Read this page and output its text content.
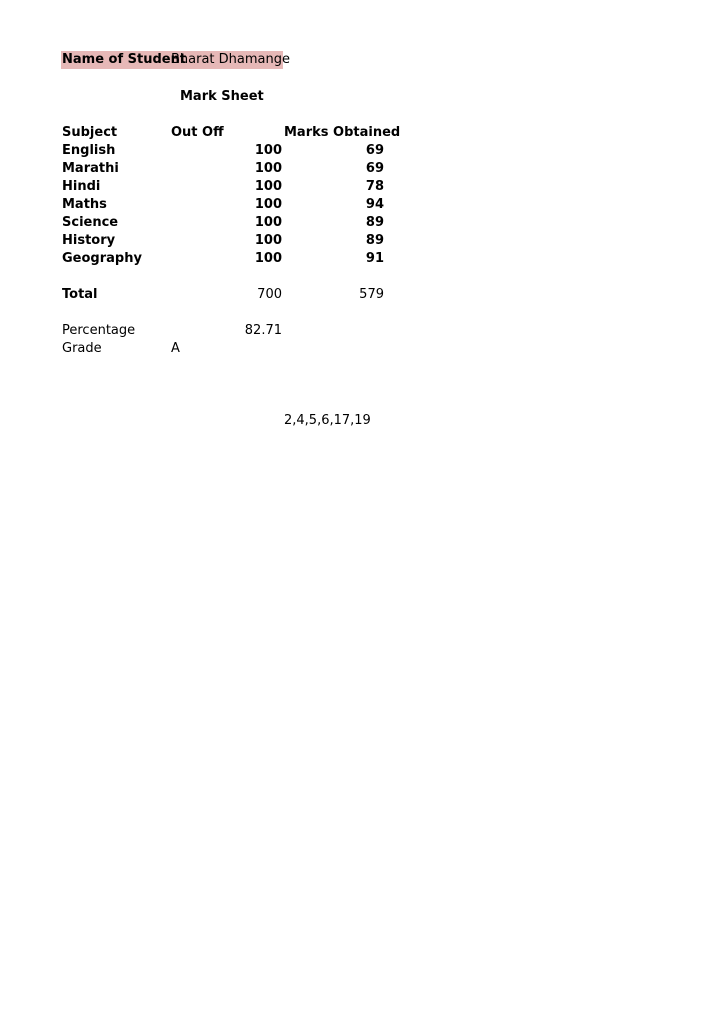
Name of Student
Bharat Dhamange
Mark Sheet
Subject	Out Off	Marks Obtained
English	100	69
Marathi	100	69
Hindi	100	78
Maths	100	94
Science	100	89
History	100	89
Geography	100	91
Total	700	579
Percentage	82.71
Grade	A
2,4,5,6,17,19
